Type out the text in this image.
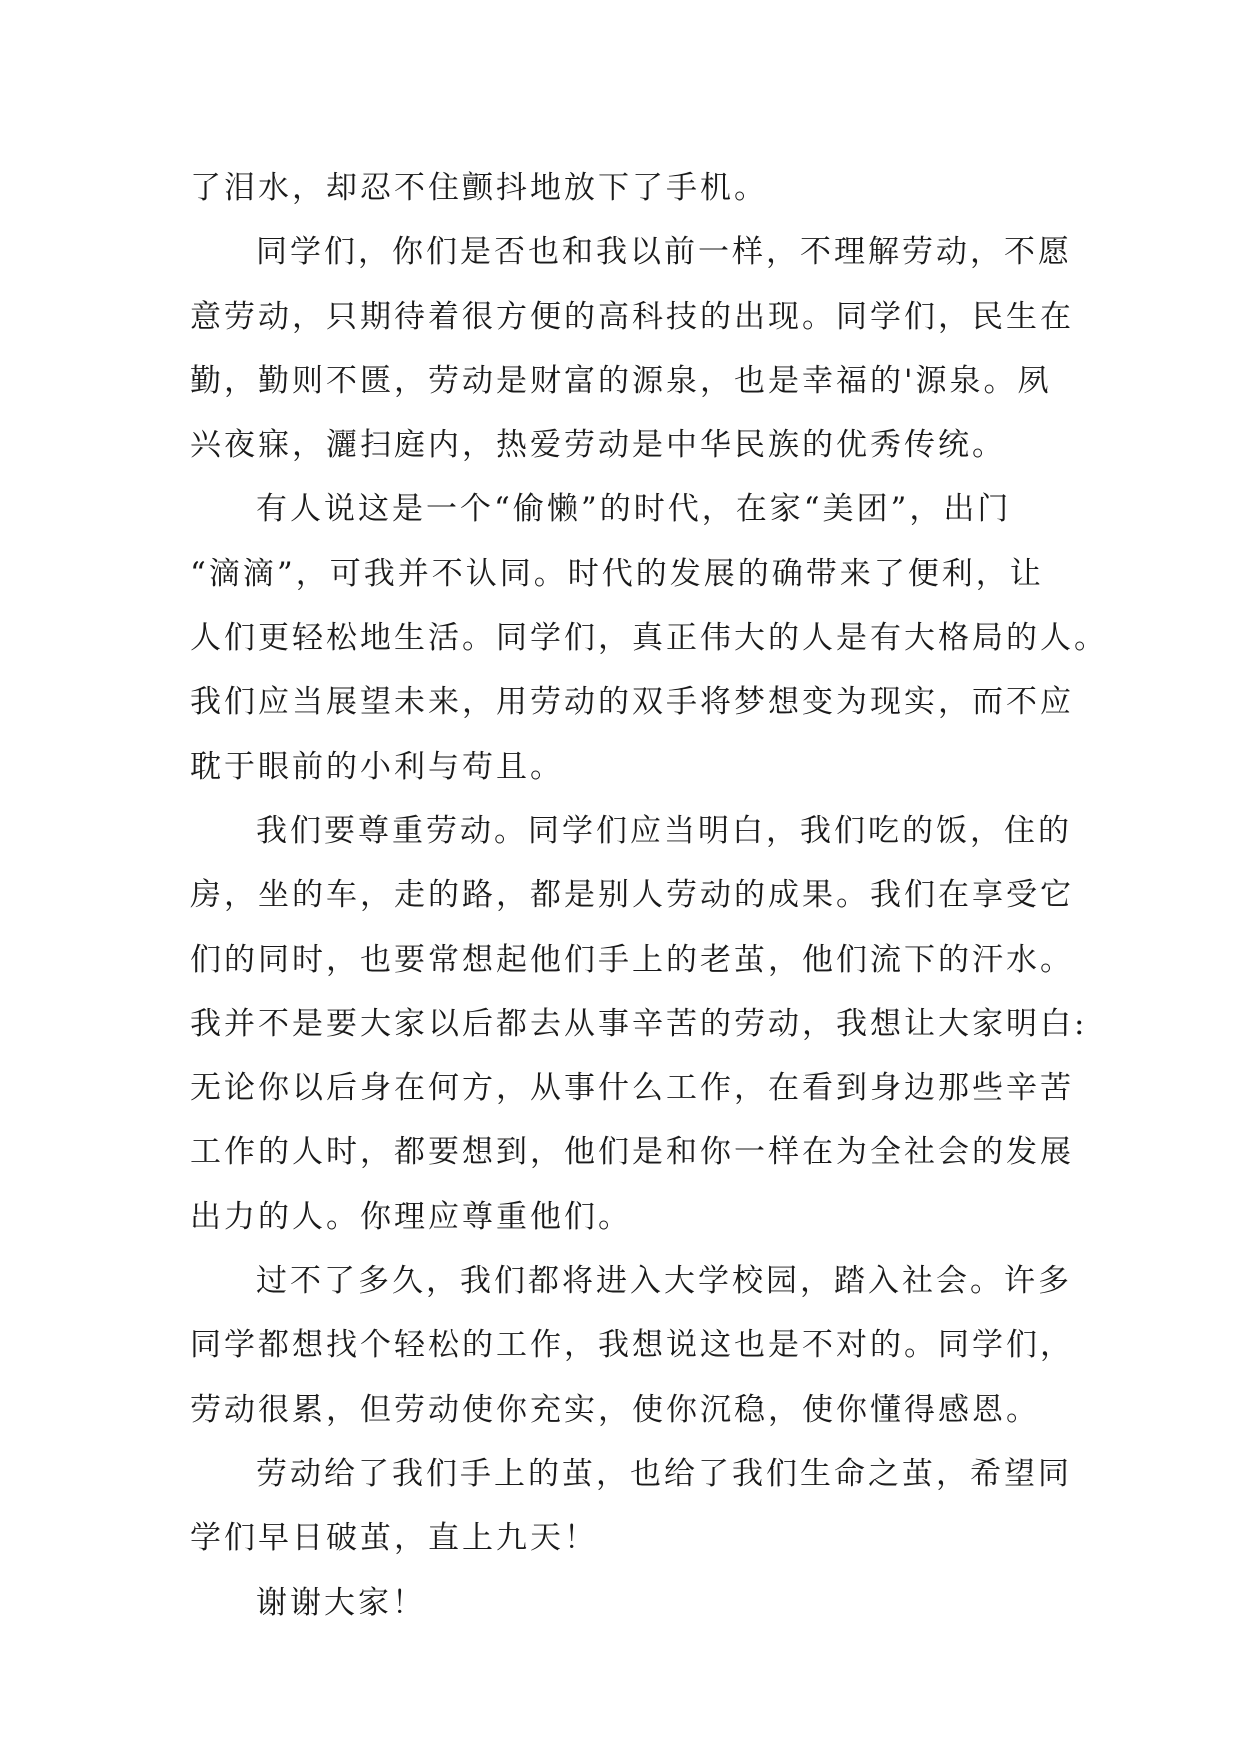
了泪水，却忍不住颤抖地放下了手机。
同学们，你们是否也和我以前一样，不理解劳动，不愿
意劳动，只期待着很方便的高科技的出现。同学们，民生在
勤，勤则不匮，劳动是财富的源泉，也是幸福的'源泉。夙
兴夜寐，灑扫庭内，热爱劳动是中华民族的优秀传统。
有人说这是一个“偷懒”的时代，在家“美团”，出门
“滴滴”，可我并不认同。时代的发展的确带来了便利，让
人们更轻松地生活。同学们，真正伟大的人是有大格局的人。
我们应当展望未来，用劳动的双手将梦想变为现实，而不应
耽于眼前的小利与苟且。
我们要尊重劳动。同学们应当明白，我们吃的饭，住的
房，坐的车，走的路，都是别人劳动的成果。我们在享受它
们的同时，也要常想起他们手上的老茧，他们流下的汗水。
我并不是要大家以后都去从事辛苦的劳动，我想让大家明白:
无论你以后身在何方，从事什么工作，在看到身边那些辛苦
工作的人时，都要想到，他们是和你一样在为全社会的发展
出力的人。你理应尊重他们。
过不了多久，我们都将进入大学校园，踏入社会。许多
同学都想找个轻松的工作，我想说这也是不对的。同学们，
劳动很累，但劳动使你充实，使你沉稳，使你懂得感恩。
劳动给了我们手上的茧，也给了我们生命之茧，希望同
学们早日破茧，直上九天！
谢谢大家！
